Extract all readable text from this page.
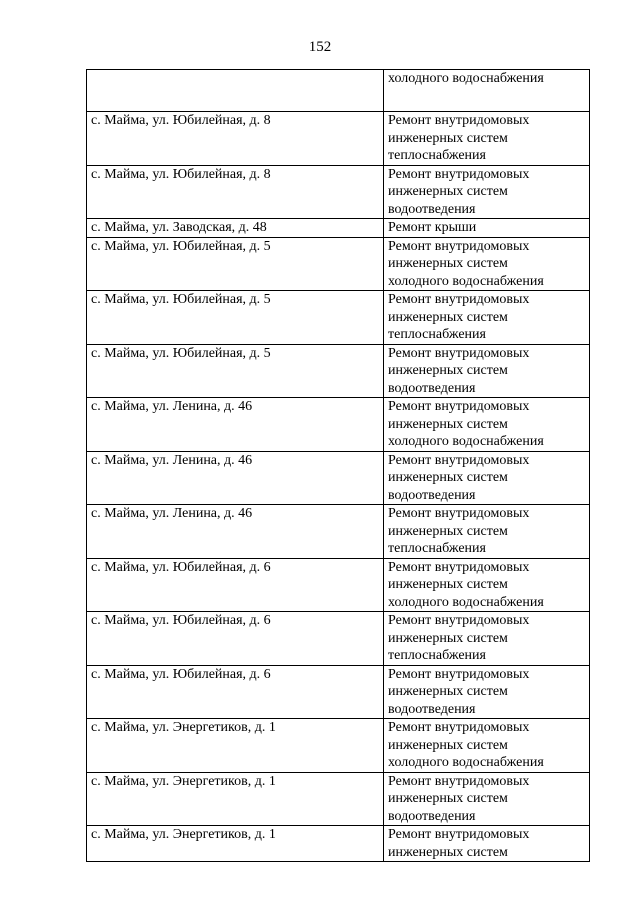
152
	холодного водоснабжения
с. Майма, ул. Юбилейная, д. 8	Ремонт внутридомовых
инженерных систем
теплоснабжения
с. Майма, ул. Юбилейная, д. 8	Ремонт внутридомовых
инженерных систем
водоотведения
с. Майма, ул. Заводская, д. 48	Ремонт крыши
с. Майма, ул. Юбилейная, д. 5	Ремонт внутридомовых
инженерных систем
холодного водоснабжения
с. Майма, ул. Юбилейная, д. 5	Ремонт внутридомовых
инженерных систем
теплоснабжения
с. Майма, ул. Юбилейная, д. 5	Ремонт внутридомовых
инженерных систем
водоотведения
с. Майма, ул. Ленина, д. 46	Ремонт внутридомовых
инженерных систем
холодного водоснабжения
с. Майма, ул. Ленина, д. 46	Ремонт внутридомовых
инженерных систем
водоотведения
с. Майма, ул. Ленина, д. 46	Ремонт внутридомовых
инженерных систем
теплоснабжения
с. Майма, ул. Юбилейная, д. 6	Ремонт внутридомовых
инженерных систем
холодного водоснабжения
с. Майма, ул. Юбилейная, д. 6	Ремонт внутридомовых
инженерных систем
теплоснабжения
с. Майма, ул. Юбилейная, д. 6	Ремонт внутридомовых
инженерных систем
водоотведения
с. Майма, ул. Энергетиков, д. 1	Ремонт внутридомовых
инженерных систем
холодного водоснабжения
с. Майма, ул. Энергетиков, д. 1	Ремонт внутридомовых
инженерных систем
водоотведения
с. Майма, ул. Энергетиков, д. 1	Ремонт внутридомовых
инженерных систем
